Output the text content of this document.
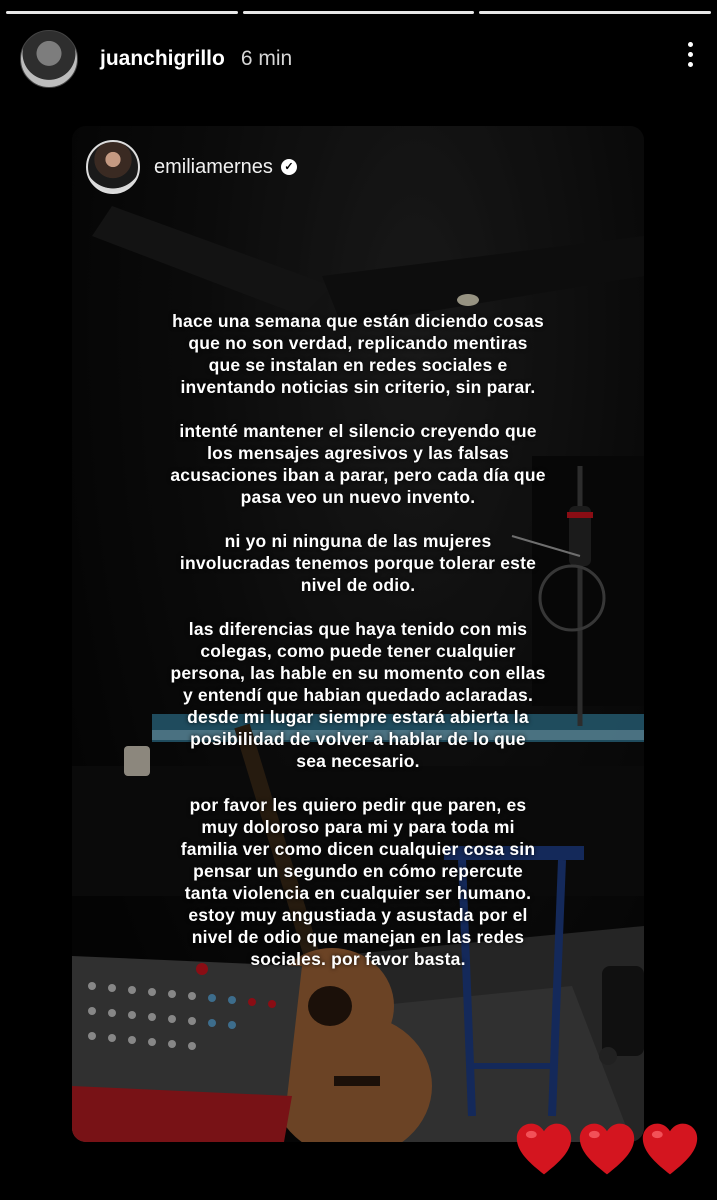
juanchigrillo 6 min
emiliamernes	✓

hace una semana que están diciendo cosas
que no son verdad, replicando mentiras
que se instalan en redes sociales e
inventando noticias sin criterio, sin parar.

intenté mantener el silencio creyendo que
los mensajes agresivos y las falsas
acusaciones iban a parar, pero cada día que
pasa veo un nuevo invento.

ni yo ni ninguna de las mujeres
involucradas tenemos porque tolerar este
nivel de odio.

las diferencias que haya tenido con mis
colegas, como puede tener cualquier
persona, las hable en su momento con ellas
y entendí que habian quedado aclaradas.
desde mi lugar siempre estará abierta la
posibilidad de volver a hablar de lo que
sea necesario.

por favor les quiero pedir que paren, es
muy doloroso para mi y para toda mi
familia ver como dicen cualquier cosa sin
pensar un segundo en cómo repercute
tanta violencia en cualquier ser humano.
estoy muy angustiada y asustada por el
nivel de odio que manejan en las redes
sociales. por favor basta.
